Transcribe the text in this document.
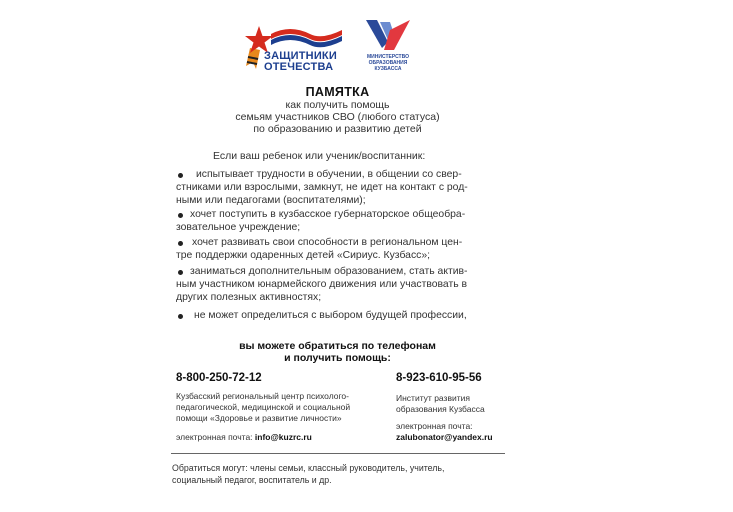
ЗАЩИТНИКИ
ОТЕЧЕСТВА
МИНИСТЕРСТВО
ОБРАЗОВАНИЯ
КУЗБАССА
ПАМЯТКА
как получить помощь
семьям участников СВО (любого статуса)
по образованию и развитию детей
Если ваш ребенок или ученик/воспитанник:
испытывает трудности в обучении, в общении со свер-
стниками или взрослыми, замкнут, не идет на контакт с род-
ными или педагогами (воспитателями);
хочет поступить в кузбасское губернаторское общеобра-
зовательное учреждение;
хочет развивать свои способности в региональном цен-
тре поддержки одаренных детей «Сириус. Кузбасс»;
заниматься дополнительным образованием, стать актив-
ным участником юнармейского движения или участвовать в
других полезных активностях;
не может определиться с выбором будущей профессии,
вы можете обратиться по телефонам
и получить помощь:
8-800-250-72-12
Кузбасский региональный центр психолого-
педагогической, медицинской и социальной
помощи «Здоровье и развитие личности»
электронная почта: info@kuzrc.ru
8-923-610-95-56
Институт развития
образования Кузбасса
электронная почта:
zalubonator@yandex.ru
Обратиться могут: члены семьи, классный руководитель, учитель,
социальный педагог, воспитатель и др.
